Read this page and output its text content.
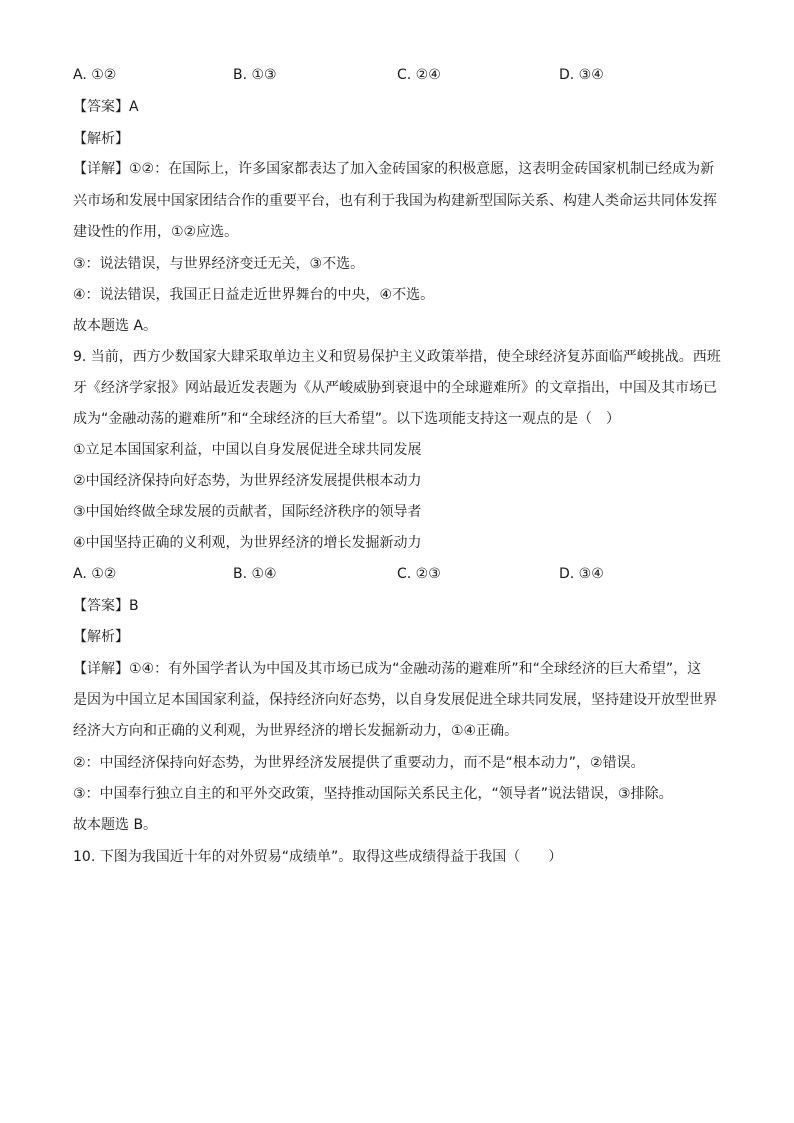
A. ①②	B. ①③	C. ②④	D. ③④
【答案】A
【解析】
【详解】①②：在国际上，许多国家都表达了加入金砖国家的积极意愿，这表明金砖国家机制已经成为新
兴市场和发展中国家团结合作的重要平台，也有利于我国为构建新型国际关系、构建人类命运共同体发挥
建设性的作用，①②应选。
③：说法错误，与世界经济变迁无关，③不选。
④：说法错误，我国正日益走近世界舞台的中央，④不选。
故本题选 A。
9. 当前，西方少数国家大肆采取单边主义和贸易保护主义政策举措，使全球经济复苏面临严峻挑战。西班
牙《经济学家报》网站最近发表题为《从严峻威胁到衰退中的全球避难所》的文章指出，中国及其市场已
成为“金融动荡的避难所”和“全球经济的巨大希望”。以下选项能支持这一观点的是（　）
①立足本国国家利益，中国以自身发展促进全球共同发展
②中国经济保持向好态势，为世界经济发展提供根本动力
③中国始终做全球发展的贡献者，国际经济秩序的领导者
④中国坚持正确的义利观，为世界经济的增长发掘新动力
A. ①②	B. ①④	C. ②③	D. ③④
【答案】B
【解析】
【详解】①④：有外国学者认为中国及其市场已成为“金融动荡的避难所”和“全球经济的巨大希望”，这
是因为中国立足本国国家利益，保持经济向好态势，以自身发展促进全球共同发展，坚持建设开放型世界
经济大方向和正确的义利观，为世界经济的增长发掘新动力，①④正确。
②：中国经济保持向好态势，为世界经济发展提供了重要动力，而不是“根本动力”，②错误。
③：中国奉行独立自主的和平外交政策，坚持推动国际关系民主化，“领导者”说法错误，③排除。
故本题选 B。
10. 下图为我国近十年的对外贸易“成绩单”。取得这些成绩得益于我国（　　）
